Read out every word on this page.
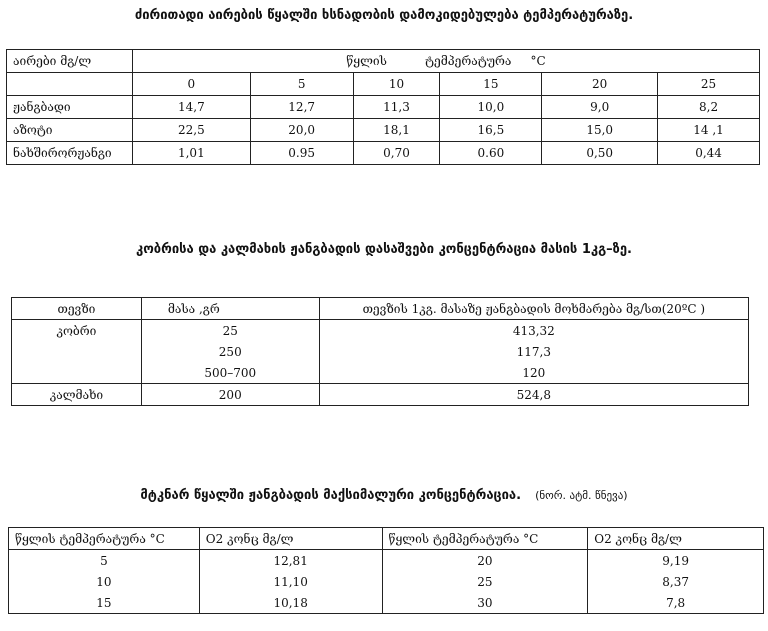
ძირითადი აირების წყალში ხსნადობის დამოკიდებულება ტემპერატურაზე.
აირები მგ/ლ	წყლის          ტემპერატურა     °C					
	0	5	10	15	20	25
ჟანგბადი	14,7	12,7	11,3	10,0	9,0	8,2
აზოტი	22,5	20,0	18,1	16,5	15,0	14 ,1
ნახშირორჟანგი	1,01	0.95	0,70	0.60	0,50	0,44
კობრისა და კალმახის ჟანგბადის დასაშვები კონცენტრაცია მასის 1კგ–ზე.
თევზი	მასა ,გრ	თევზის 1კგ. მასაზე ჟანგბადის მოხმარება მგ/სთ(20ºC )
კობრი	25	413,32
	250	117,3
	500–700	120
კალმახი	200	524,8
მტკნარ წყალში ჟანგბადის მაქსიმალური კონცენტრაცია. (ნორ. ატმ. წნევა)
წყლის ტემპერატურა °C	O2 კონც მგ/ლ	წყლის ტემპერატურა °C	O2 კონც მგ/ლ
5	12,81	20	9,19
10	11,10	25	8,37
15	10,18	30	7,8
